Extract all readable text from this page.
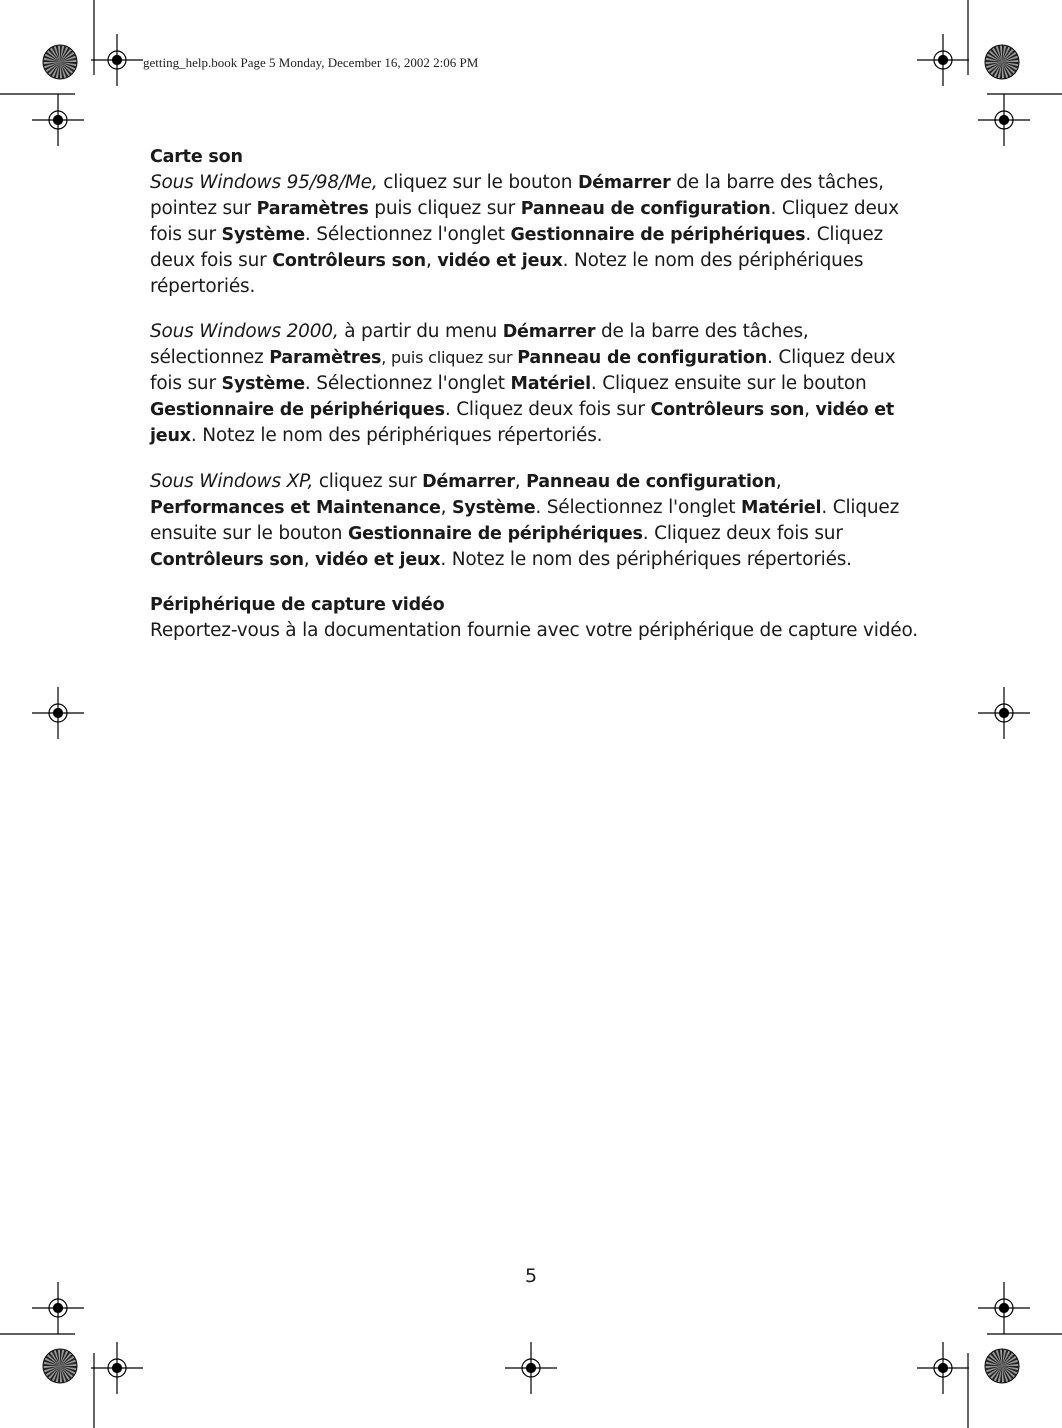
getting_help.book Page 5 Monday, December 16, 2002 2:06 PM
Carte son
Sous Windows 95/98/Me, cliquez sur le bouton Démarrer de la barre des tâches, pointez sur Paramètres puis cliquez sur Panneau de configuration. Cliquez deux fois sur Système. Sélectionnez l'onglet Gestionnaire de périphériques. Cliquez deux fois sur Contrôleurs son, vidéo et jeux. Notez le nom des périphériques répertoriés.
Sous Windows 2000, à partir du menu Démarrer de la barre des tâches, sélectionnez Paramètres, puis cliquez sur Panneau de configuration. Cliquez deux fois sur Système. Sélectionnez l'onglet Matériel. Cliquez ensuite sur le bouton Gestionnaire de périphériques. Cliquez deux fois sur Contrôleurs son, vidéo et jeux. Notez le nom des périphériques répertoriés.
Sous Windows XP, cliquez sur Démarrer, Panneau de configuration, Performances et Maintenance, Système. Sélectionnez l'onglet Matériel. Cliquez ensuite sur le bouton Gestionnaire de périphériques. Cliquez deux fois sur Contrôleurs son, vidéo et jeux. Notez le nom des périphériques répertoriés.
Périphérique de capture vidéo
Reportez-vous à la documentation fournie avec votre périphérique de capture vidéo.
5
